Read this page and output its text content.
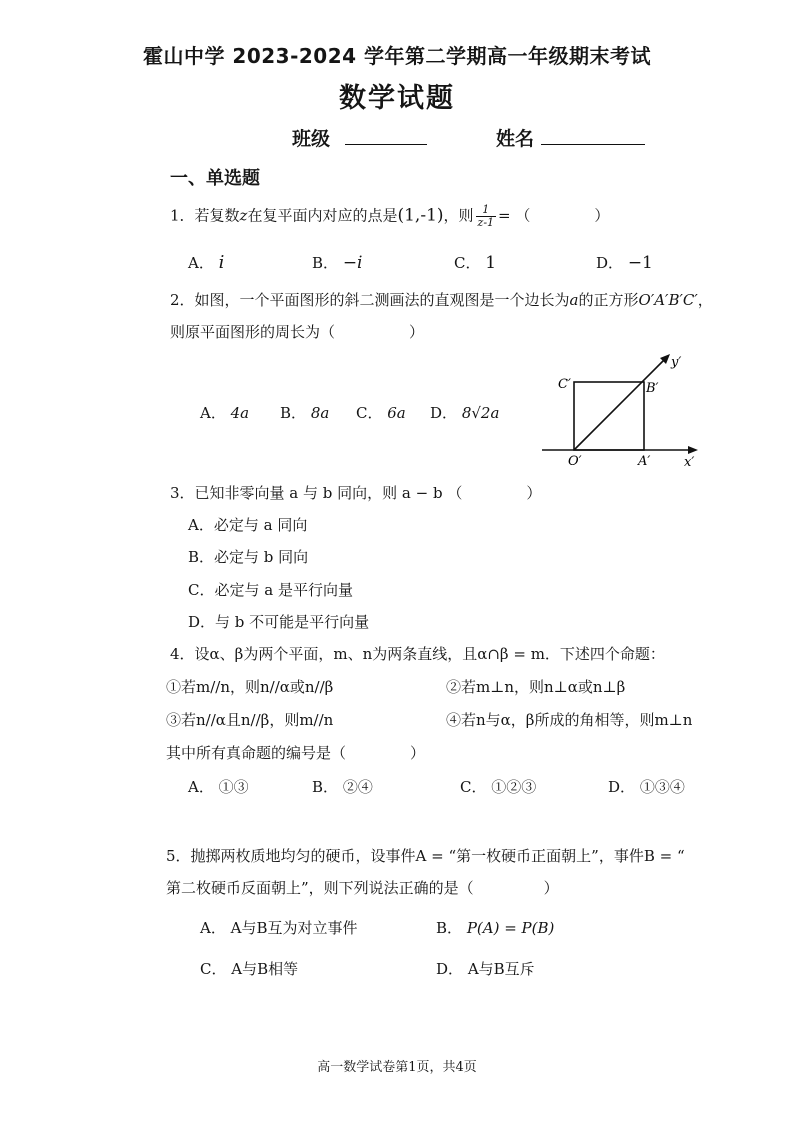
霍山中学 2023-2024 学年第二学期高一年级期末考试
数学试题
班级	姓名
一、单选题
1．若复数z在复平面内对应的点是(1,-1)，则 $\frac{1}{z-1}$ = （	）
A． i	B． −i	C． 1	D． −1
2．如图，一个平面图形的斜二测画法的直观图是一个边长为a的正方形O′A′B′C′，
则原平面图形的周长为（	）
A． 4a B． 8a C． 6a D． 8√2a
y′
x′
O′	A′
B′
C′
3．已知非零向量 a 与 b 同向，则 a − b （	）
A．必定与 a 同向
B．必定与 b 同向
C．必定与 a 是平行向量
D．与 b 不可能是平行向量
4．设α、β为两个平面，m、n为两条直线，且α∩β = m．下述四个命题：
①若m//n，则n//α或n//β	②若m⊥n，则n⊥α或n⊥β
③若n//α且n//β，则m//n	④若n与α，β所成的角相等，则m⊥n
其中所有真命题的编号是（	）
A． ①③	B． ②④	C． ①②③	D． ①③④
5．抛掷两枚质地均匀的硬币，设事件A = “第一枚硬币正面朝上”，事件B = “
第二枚硬币反面朝上”，则下列说法正确的是（	）
A． A与B互为对立事件	B． P(A) = P(B)
C． A与B相等	D． A与B互斥
高一数学试卷第1页，共4页
